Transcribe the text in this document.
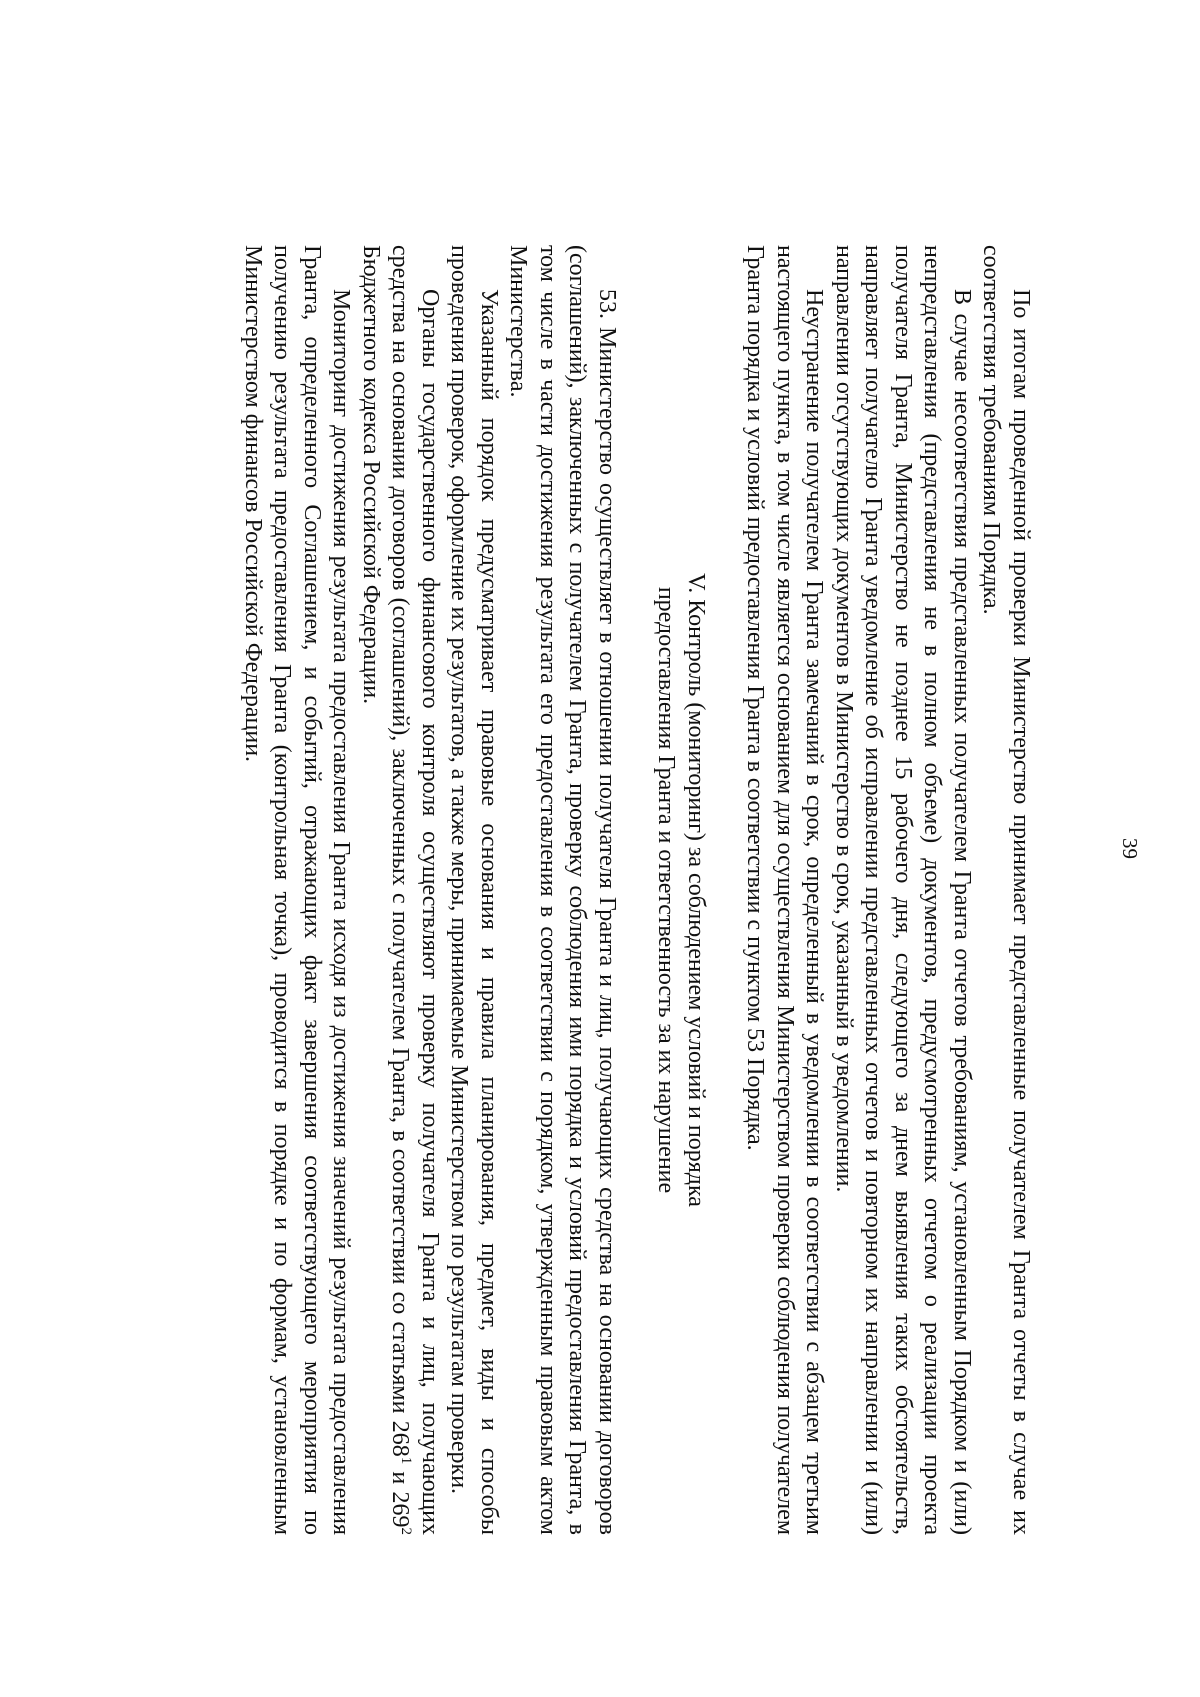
39

По итогам проведенной проверки Министерство принимает представленные получателем Гранта отчеты в случае их соответствия требованиям Порядка.

В случае несоответствия представленных получателем Гранта отчетов требованиям, установленным Порядком и (или) непредставления (представления не в полном объеме) документов, предусмотренных отчетом о реализации проекта получателя Гранта, Министерство не позднее 15 рабочего дня, следующего за днем выявления таких обстоятельств, направляет получателю Гранта уведомление об исправлении представленных отчетов и повторном их направлении и (или) направлении отсутствующих документов в Министерство в срок, указанный в уведомлении.

Неустранение получателем Гранта замечаний в срок, определенный в уведомлении в соответствии с абзацем третьим настоящего пункта, в том числе является основанием для осуществления Министерством проверки соблюдения получателем Гранта порядка и условий предоставления Гранта в соответствии с пунктом 53 Порядка.

V. Контроль (мониторинг) за соблюдением условий и порядка
предоставления Гранта и ответственность за их нарушение

53. Министерство осуществляет в отношении получателя Гранта и лиц, получающих средства на основании договоров (соглашений), заключенных с получателем Гранта, проверку соблюдения ими порядка и условий предоставления Гранта, в том числе в части достижения результата его предоставления в соответствии с порядком, утвержденным правовым актом Министерства.

Указанный порядок предусматривает правовые основания и правила планирования, предмет, виды и способы проведения проверок, оформление их результатов, а также меры, принимаемые Министерством по результатам проверки.

Органы государственного финансового контроля осуществляют проверку получателя Гранта и лиц, получающих средства на основании договоров (соглашений), заключенных с получателем Гранта, в соответствии со статьями $268^1$ и $269^2$ Бюджетного кодекса Российской Федерации.

Мониторинг достижения результата предоставления Гранта исходя из достижения значений результата предоставления Гранта, определенного Соглашением, и событий, отражающих факт завершения соответствующего мероприятия по получению результата предоставления Гранта (контрольная точка), проводится в порядке и по формам, установленным Министерством финансов Российской Федерации.
